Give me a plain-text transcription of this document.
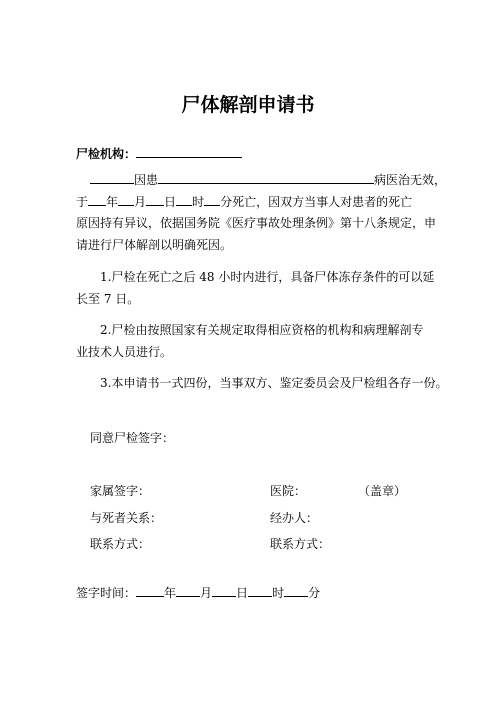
尸体解剖申请书
尸检机构：
因患	病医治无效，
于 年 月 日 时 分死亡，因双方当事人对患者的死亡
原因持有异议，依据国务院《医疗事故处理条例》第十八条规定，申
请进行尸体解剖以明确死因。
1.尸检在死亡之后 48 小时内进行，具备尸体冻存条件的可以延
长至 7 日。
2.尸检由按照国家有关规定取得相应资格的机构和病理解剖专
业技术人员进行。
3.本申请书一式四份，当事双方、鉴定委员会及尸检组各存一份。
同意尸检签字：
家属签字：	医院：	（盖章）
与死者关系：	经办人：
联系方式：	联系方式：
签字时间： 年 月 日 时 分
